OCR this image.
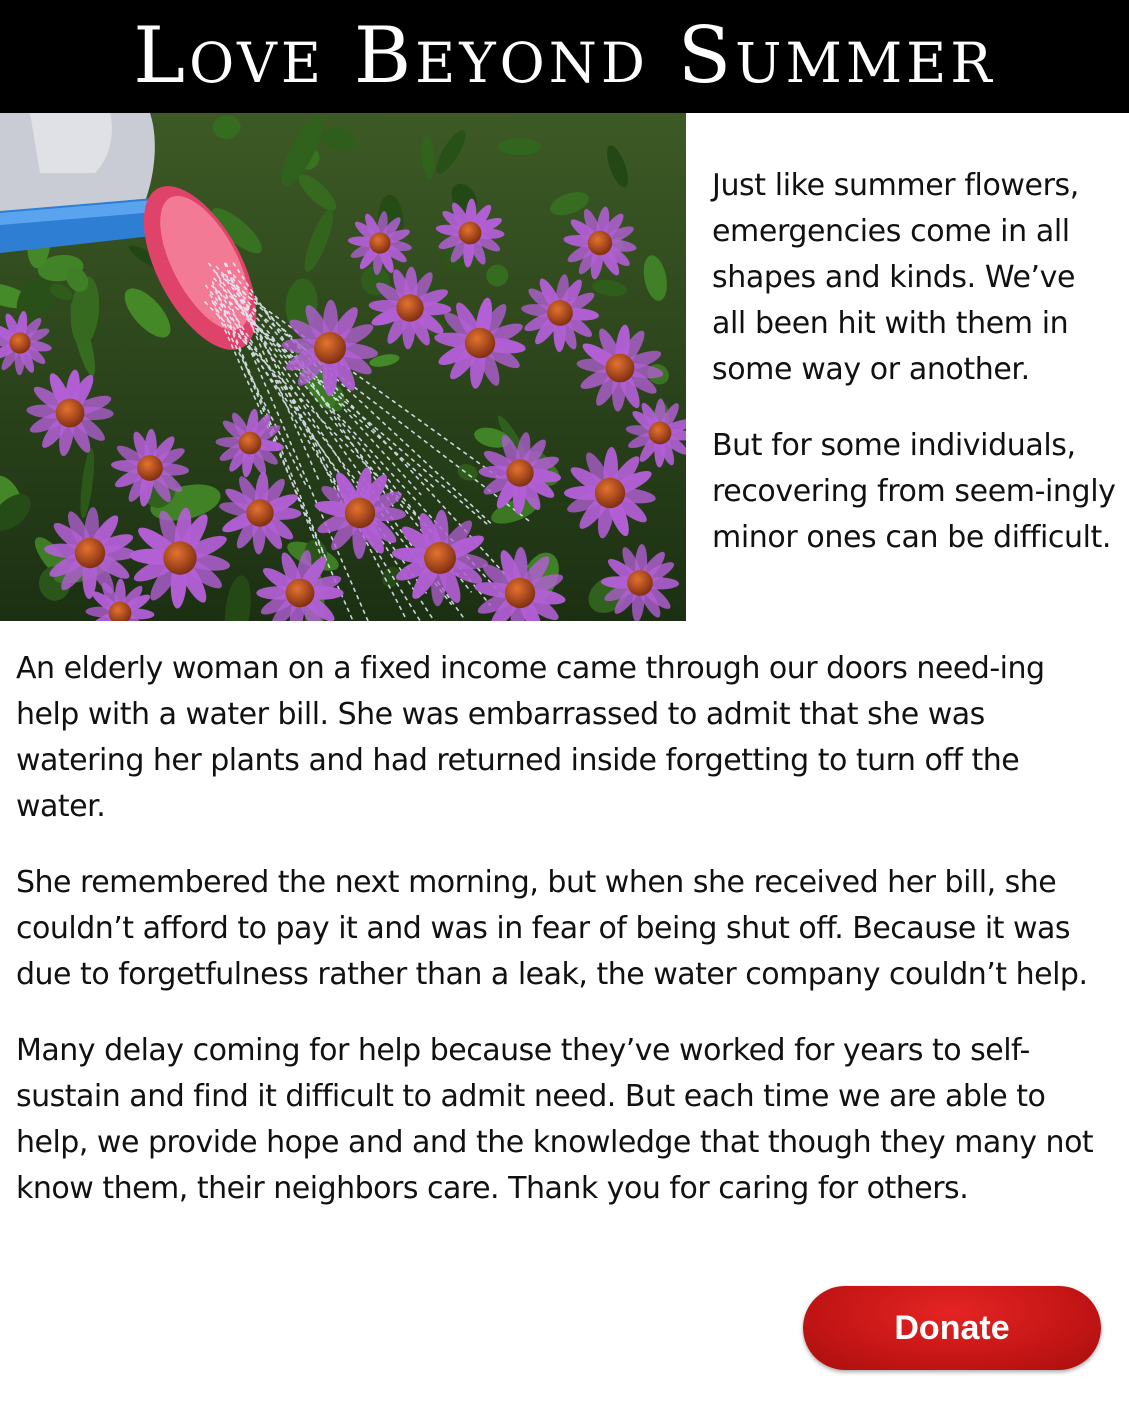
Love Beyond Summer

Just like summer flowers, emergencies come in all shapes and kinds. We’ve all been hit with them in some way or another.

But for some individuals, recovering from seem-ingly minor ones can be difficult.

An elderly woman on a fixed income came through our doors need-ing help with a water bill. She was embarrassed to admit that she was watering her plants and had returned inside forgetting to turn off the water.

She remembered the next morning, but when she received her bill, she couldn’t afford to pay it and was in fear of being shut off. Because it was due to forgetfulness rather than a leak, the water company couldn’t help.

Many delay coming for help because they’ve worked for years to self-sustain and find it difficult to admit need. But each time we are able to help, we provide hope and and the knowledge that though they many not know them, their neighbors care. Thank you for caring for others.

Donate
